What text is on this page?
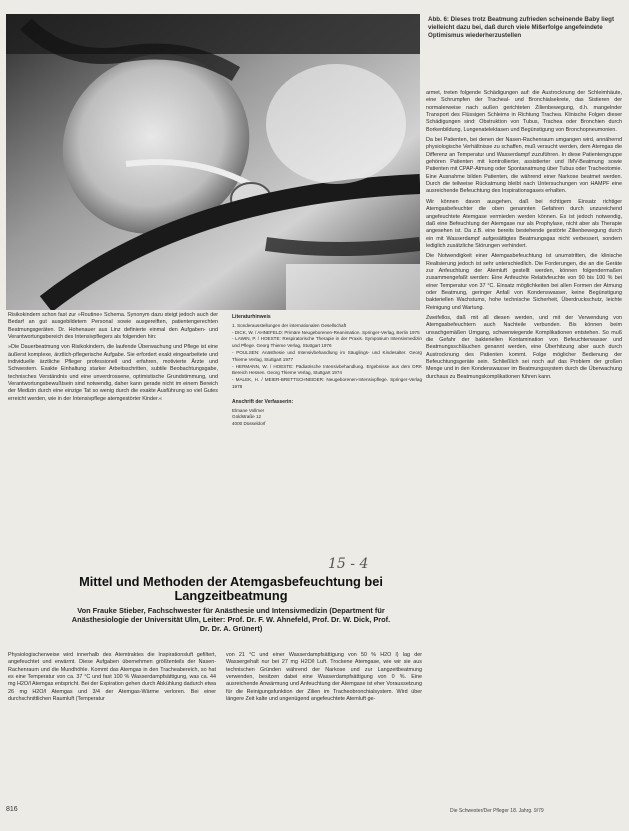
Abb. 6: Dieses trotz Beatmung zufrieden scheinende Baby liegt vielleicht dazu bei, daß durch viele Mißerfolge angefeindete Optimismus wiederherzustellen

armet, treten folgende Schädigungen auf: die Austrocknung der Schleimhäute, eine Schrumpfen der Tracheal- und Bronchialsekrete, das Sistieren der normalerweise nach außen gerichteten Zilienbewegung, d.h. mangelnder Transport des Flüssigen Schleims in Richtung Trachea. Klinische Folgen dieser Schädigungen sind: Obstruktion von Tubus, Trachea oder Bronchien durch Borkenbildung, Lungenatelektasen und Begünstigung von Bronchopneumonien.

Da bei Patienten, bei denen der Nasen-Rachenraum umgangen wird, annähernd physiologische Verhältnisse zu schaffen, muß versucht werden, dem Atemgas die Differenz an Temperatur und Wasserdampf zuzuführen. In diese Patientengruppe gehören Patienten mit kontrollierter, assistierter und IMV-Beatmung sowie Patienten mit CPAP-Atmung oder Spontanatmung über Tubus oder Tracheotomie. Eine Ausnahme bilden Patienten, die während einer Narkose beatmet werden. Durch die teilweise Rückatmung bleibt nach Untersuchungen von HAMPF eine ausreichende Befeuchtung des Inspirationsgases erhalten.

Wir können davon ausgehen, daß bei richtigem Einsatz richtiger Atemgasbefeuchter die oben genannten Gefahren durch unzureichend angefeuchtete Atemgase vermieden werden können. Es ist jedoch notwendig, daß eine Befeuchtung der Atemgase nur als Prophylaxe, nicht aber als Therapie angesehen ist. Da z.B. eine bereits bestehende gestörte Zilienbewegung durch ein mit Wasserdampf aufgesättigtes Beatmungsgas nicht verbessert, sondern lediglich zusätzliche Störungen verhindert.

Die Notwendigkeit einer Atemgasbefeuchtung ist unumstritten, die klinische Realisierung jedoch ist sehr unterschiedlich. Die Forderungen, die an die Geräte zur Anfeuchtung der Atemluft gestellt werden, können folgendermaßen zusammengefaßt werden: Eine Anfeuchte Relativfeuchte von 90 bis 100 % bei einer Temperatur von 37 °C. Einsatz möglichkeiten bei allen Formen der Atmung oder Beatmung, geringer Anfall von Kondenswasser, keine Begünstigung bakteriellen Wachstums, hohe technische Sicherheit, Überdruckschutz, leichte Reinigung und Wartung.

Zweifellos, daß mit all diesen werden, und mit der Verwendung von Atemgasbefeuchtern auch Nachteile verbunden. Bis können beim unsachgemäßen Umgang, schwerwiegende Komplikationen entstehen. So muß die Gefahr der bakteriellen Kontamination von Befeuchterwasser und Beatmungsschläuchen genannt werden, eine Überhitzung aber auch durch Austrocknung des Patienten kommt. Folge möglicher Bedienung der Befeuchtungsgeräte sein. Schließlich sei noch auf das Problem der großen Menge und in den Kondenswasser im Beatmungssystem durch die Überwachung durchaus zu Beatmungskomplikationen führen kann.

Risikokindern schon fast zur »Routine« Schema. Synonym dazu steigt jedoch auch der Bedarf an gut ausgebildetem Personal sowie ausgereiften, patientengerechten Beatmungsgeräten. Dr. Hohenauer aus Linz definierte einmal den Aufgaben- und Verantwortungsbereich des Intensivpflegers als folgenden hin:

»Die Dauerbeatmung von Risikokindern, die laufende Überwachung und Pflege ist eine äußerst komplexe, ärztlich-pflegerische Aufgabe. Sie erfordert exakt eingearbeitete und individuelle ärztliche Pfleger professionell und erfahren, motivierte Ärzte und Schwestern. Exakte Einhaltung starker Arbeitsschritten, subtile Beobachtungsgabe, technisches Verständnis und eine unverdrossene, optimistische Grundstimmung, und Verantwortungsbewußtsein sind notwendig, daher kann gerade nicht im einem Bereich der Medizin durch eine einzige Tat so wenig durch die exakte Ausführung so viel Gutes erreicht werden, wie in der Intensivpflege atemgestörter Kinder.«

Literaturhinweis
1. Sonderausstellungen der internationalen Gesellschaft
- DICK, W. / AHNEFELD: Primäre Neugeborenen-Reanimation. Springer-Verlag, Berlin 1975
- LAWIN, P. / HOESTE: Respiratorische Therapie in der Praxis. Symposium Intensivmedizin und Pflege. Georg Thieme Verlag, Stuttgart 1976
- POULSEN: Anästhesie und Intensivbehandlung im Säuglings- und Kindesalter. Georg Thieme Verlag, Stuttgart 1977
- HERMANN, W. / HOESTE: Pädiatrische Intensivbehandlung. Ergebnisse aus dem DRK Bereich Hessen. Georg Thieme Verlag, Stuttgart 1974
- MALEK, H. / MEIER-BRETTSCHNEIDER: Neugeborenen-Intensivpflege. Springer-Verlag 1978
Anschrift der Verfasserin:
Elmane Vollmer
Goldstraße 12
4000 Düsseldorf
15 - 4
Mittel und Methoden der Atemgasbefeuchtung bei Langzeitbeatmung
Von Frauke Stieber, Fachschwester für Anästhesie und Intensivmedizin (Department für Anästhesiologie der Universität Ulm, Leiter: Prof. Dr. F. W. Ahnefeld, Prof. Dr. W. Dick, Prof. Dr. Dr. A. Grünert)

Physiologischerweise wird innerhalb des Atemtraktes die Inspirationsluft gefiltert, angefeuchtet und erwärmt. Diese Aufgaben übernehmen größtenteils der Nasen-Rachenraum und die Mundhöhle. Kommt das Atemgas in den Tracheabereich, so hat es eine Temperatur von ca. 37 °C und fast 100 % Wasserdampfsättigung, was ca. 44 mg H2O/l Atemgas entspricht. Bei der Expiration gehen durch Abkühlung dadurch etwa 26 mg H2O/l Atemgas und 3/4 der Atemgas-Wärme verloren. Bei einer durchschnittlichen Raumluft (Temperatur

von 21 °C und einer Wasserdampfsättigung von 50 % H2O l) lag der Wassergehalt nur bei 27 mg H2O/l Luft. Trockene Atemgase, wie wir sie aus technischen Gründen während der Narkose und zur Langzeitbeatmung verwenden, besitzen dabei eine Wasserdampfsättigung von 0 %. Eine ausreichende Anwärmung und Anfeuchtung der Atemgase ist eher Voraussetzung für die Reinigungsfunktion der Zilien im Tracheobronchialsystem. Wird über längere Zeit kalte und ungenügend angefeuchtete Atemluft ge-

816	Die Schwester/Der Pfleger 18. Jahrg. 9/79
